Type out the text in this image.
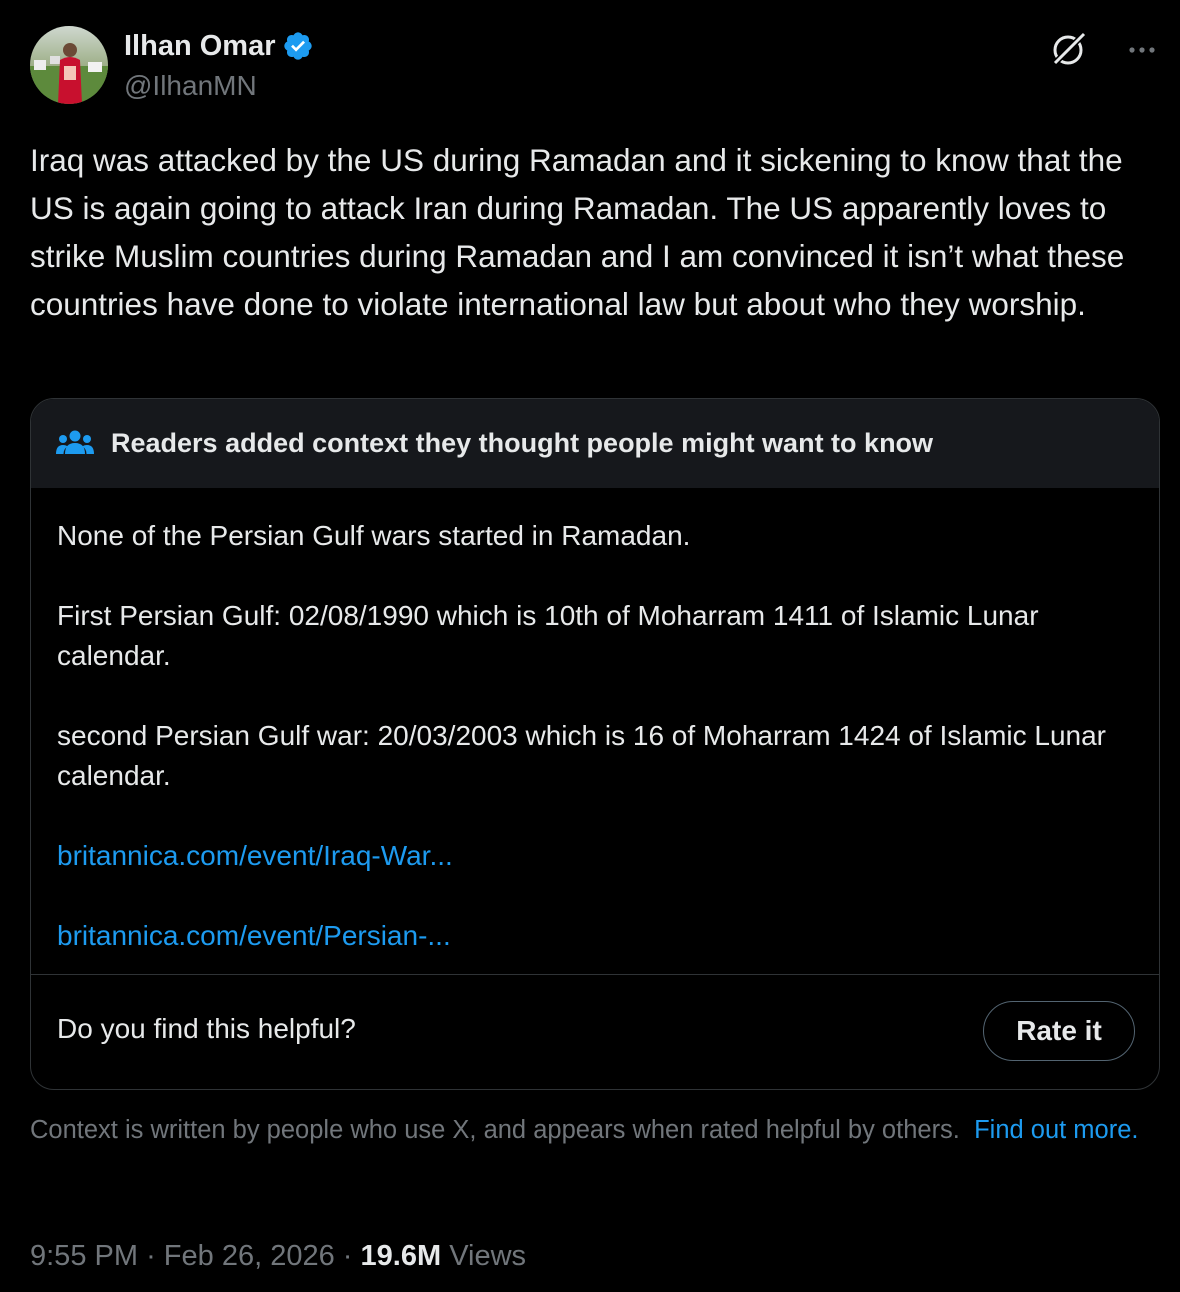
Ilhan Omar
@IlhanMN
Iraq was attacked by the US during Ramadan and it sickening to know that the US is again going to attack Iran during Ramadan. The US apparently loves to strike Muslim countries during Ramadan and I am convinced it isn’t what these countries have done to violate international law but about who they worship.
Readers added context they thought people might want to know

None of the Persian Gulf wars started in Ramadan.

First Persian Gulf: 02/08/1990 which is 10th of Moharram 1411 of Islamic Lunar calendar.

second Persian Gulf war: 20/03/2003 which is 16 of Moharram 1424 of Islamic Lunar calendar.

britannica.com/event/Iraq-War...
britannica.com/event/Persian-...
Do you find this helpful?	Rate it
Context is written by people who use X, and appears when rated helpful by others. Find out more.
9:55 PM · Feb 26, 2026 · 19.6M Views
